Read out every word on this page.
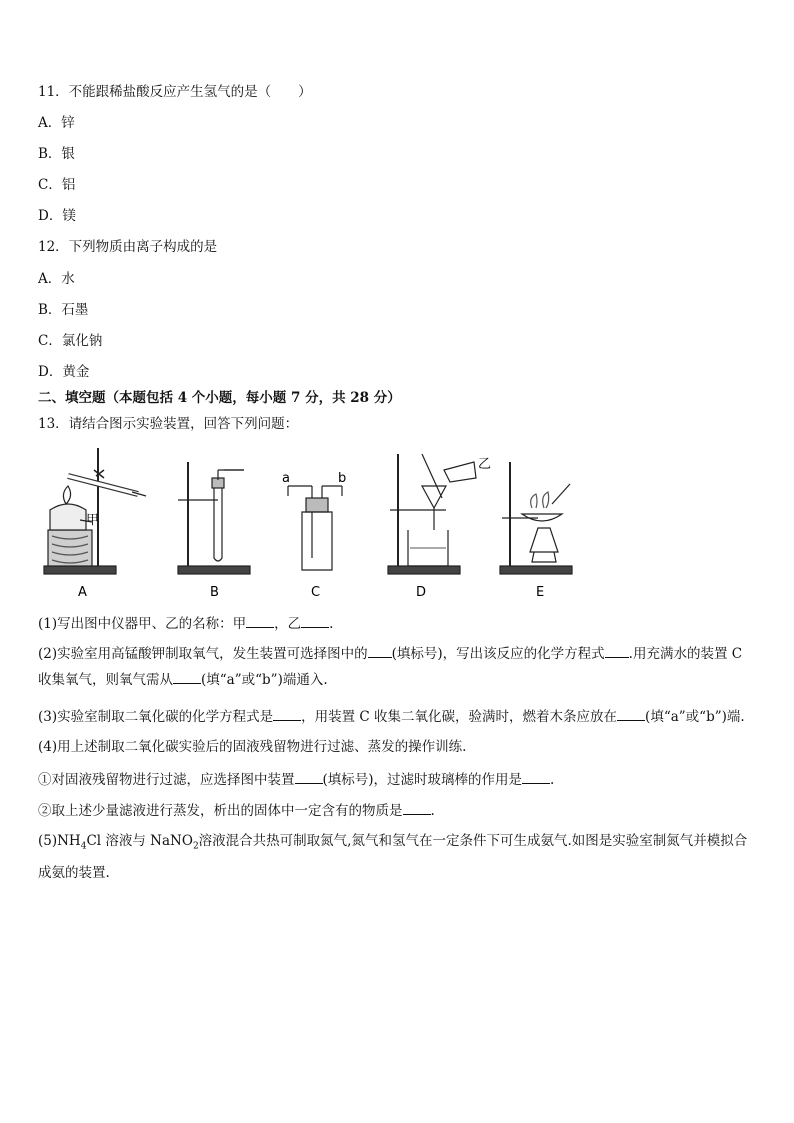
11．不能跟稀盐酸反应产生氢气的是（　　）
A．锌
B．银
C．铝
D．镁
12．下列物质由离子构成的是
A．水
B．石墨
C．氯化钠
D．黄金
二、填空题（本题包括 4 个小题，每小题 7 分，共 28 分）
13．请结合图示实验装置，回答下列问题：
甲
乙
a	b
A	B	C	D	E
(1)写出图中仪器甲、乙的名称：甲 ，乙 .
(2)实验室用高锰酸钾制取氧气，发生装置可选择图中的 (填标号)，写出该反应的化学方程式 .用充满水的装置 C 收集氧气，则氧气需从 (填“a”或“b”)端通入.
(3)实验室制取二氧化碳的化学方程式是 ，用装置 C 收集二氧化碳，验满时，燃着木条应放在 (填“a”或“b”)端.
(4)用上述制取二氧化碳实验后的固液残留物进行过滤、蒸发的操作训练.
①对固液残留物进行过滤，应选择图中装置 (填标号)，过滤时玻璃棒的作用是 .
②取上述少量滤液进行蒸发，析出的固体中一定含有的物质是 .
$(5)NH_4Cl$ 溶液与 NaNO$_2$溶液混合共热可制取氮气,氮气和氢气在一定条件下可生成氨气.如图是实验室制氮气并模拟合成氨的装置.
